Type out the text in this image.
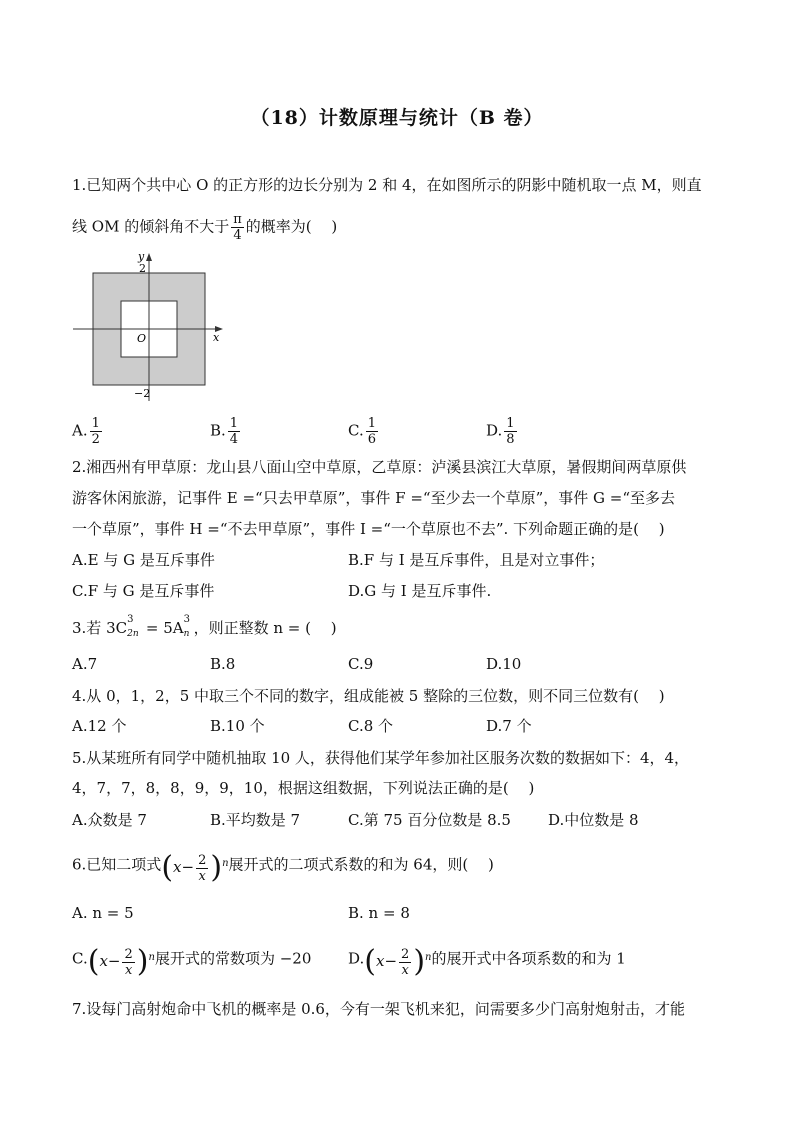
（18）计数原理与统计（B 卷）
1.已知两个共中心 O 的正方形的边长分别为 2 和 4，在如图所示的阴影中随机取一点 M，则直
线 OM 的倾斜角不大于 $\frac{\pi}{4}$ 的概率为(　 )
y
x
O
2
−2
A. $\frac{1}{2}$	B. $\frac{1}{4}$	C. $\frac{1}{6}$	D. $\frac{1}{8}$
2.湘西州有甲草原：龙山县八面山空中草原，乙草原：泸溪县滨江大草原，暑假期间两草原供
游客休闲旅游，记事件 E =“只去甲草原”，事件 F =“至少去一个草原”，事件 G =“至多去
一个草原”，事件 H =“不去甲草原”，事件 I =“一个草原也不去”. 下列命题正确的是(　 )
A.E 与 G 是互斥事件	B.F 与 I 是互斥事件，且是对立事件；
C.F 与 G 是互斥事件	D.G 与 I 是互斥事件.
3.若 3C 3
2n = 5A 3
n ，则正整数 n = (　 )
A.7	B.8	C.9	D.10
4.从 0，1，2，5 中取三个不同的数字，组成能被 5 整除的三位数，则不同三位数有(　 )
A.12 个	B.10 个	C.8 个	D.7 个
5.从某班所有同学中随机抽取 10 人，获得他们某学年参加社区服务次数的数据如下：4，4，
4，7，7，8，8，9，9，10，根据这组数据，下列说法正确的是(　 )
A.众数是 7	B.平均数是 7	C.第 75 百分位数是 8.5 D.中位数是 8
6.已知二项式$(x- \frac{2}{x} )^n$展开式的二项式系数的和为 64，则(　 )
A. n = 5	B. n = 8
$C.(x- \frac{2}{x} )^n$展开式的常数项为 −20 $D.(x- \frac{2}{x} )^n$的展开式中各项系数的和为 1
7.设每门高射炮命中飞机的概率是 0.6，今有一架飞机来犯，问需要多少门高射炮射击，才能
